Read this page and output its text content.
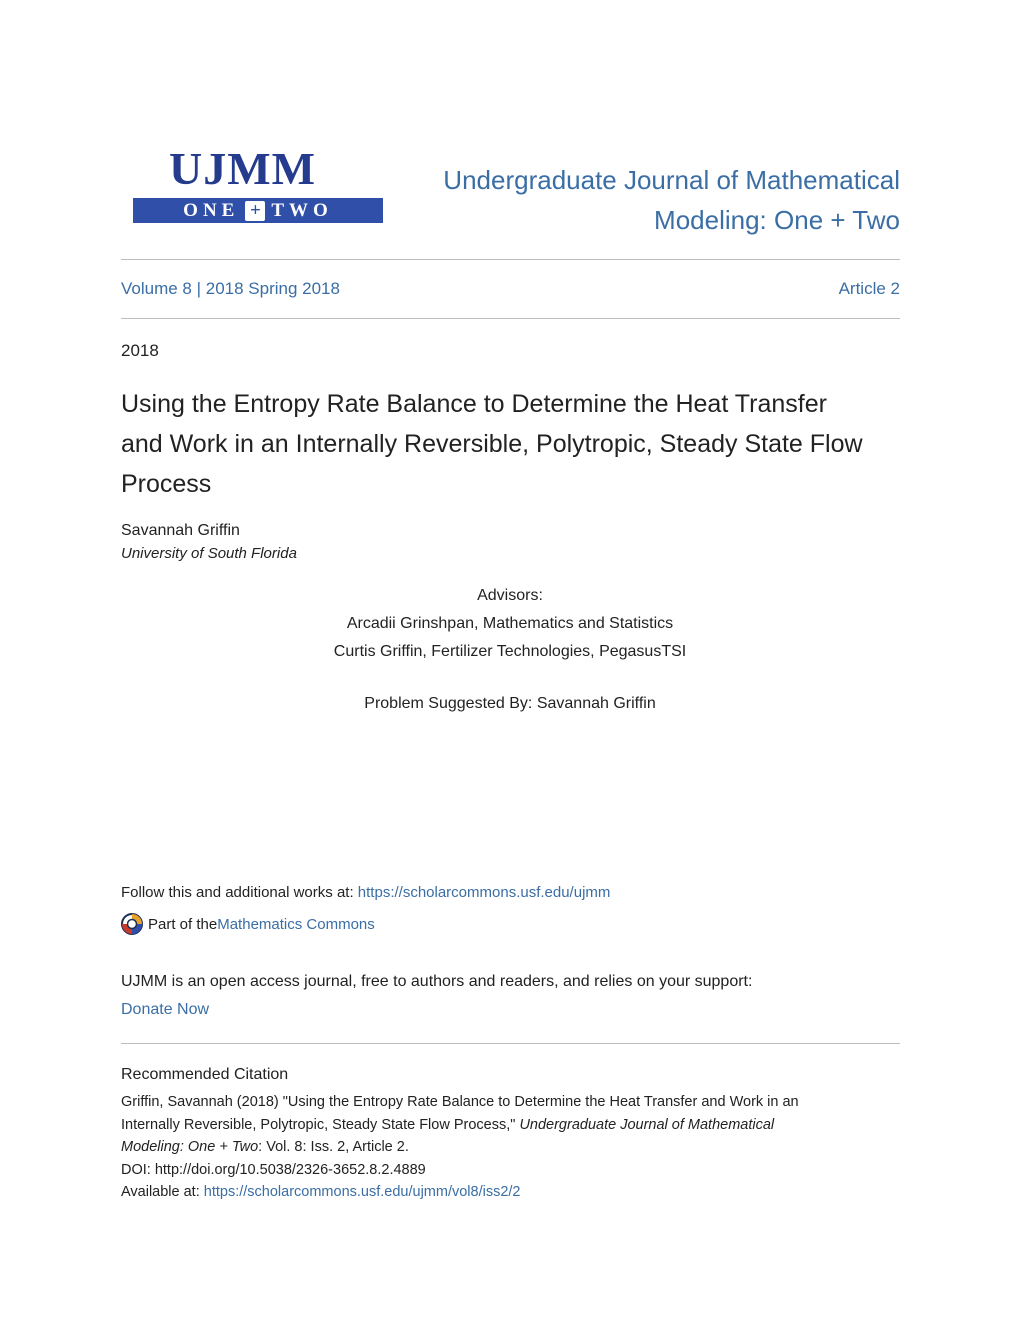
UJMM
ONE + TWO
Undergraduate Journal of Mathematical
Modeling: One + Two
Volume 8 | 2018 Spring 2018	Article 2
2018
Using the Entropy Rate Balance to Determine the Heat Transfer
and Work in an Internally Reversible, Polytropic, Steady State Flow
Process
Savannah Griffin
University of South Florida
Advisors:
Arcadii Grinshpan, Mathematics and Statistics
Curtis Griffin, Fertilizer Technologies, PegasusTSI
Problem Suggested By: Savannah Griffin
Follow this and additional works at: https://scholarcommons.usf.edu/ujmm
Part of the Mathematics Commons
UJMM is an open access journal, free to authors and readers, and relies on your support:
Donate Now
Recommended Citation
Griffin, Savannah (2018) "Using the Entropy Rate Balance to Determine the Heat Transfer and Work in an
Internally Reversible, Polytropic, Steady State Flow Process," Undergraduate Journal of Mathematical
Modeling: One + Two: Vol. 8: Iss. 2, Article 2.
DOI: http://doi.org/10.5038/2326-3652.8.2.4889
Available at: https://scholarcommons.usf.edu/ujmm/vol8/iss2/2
